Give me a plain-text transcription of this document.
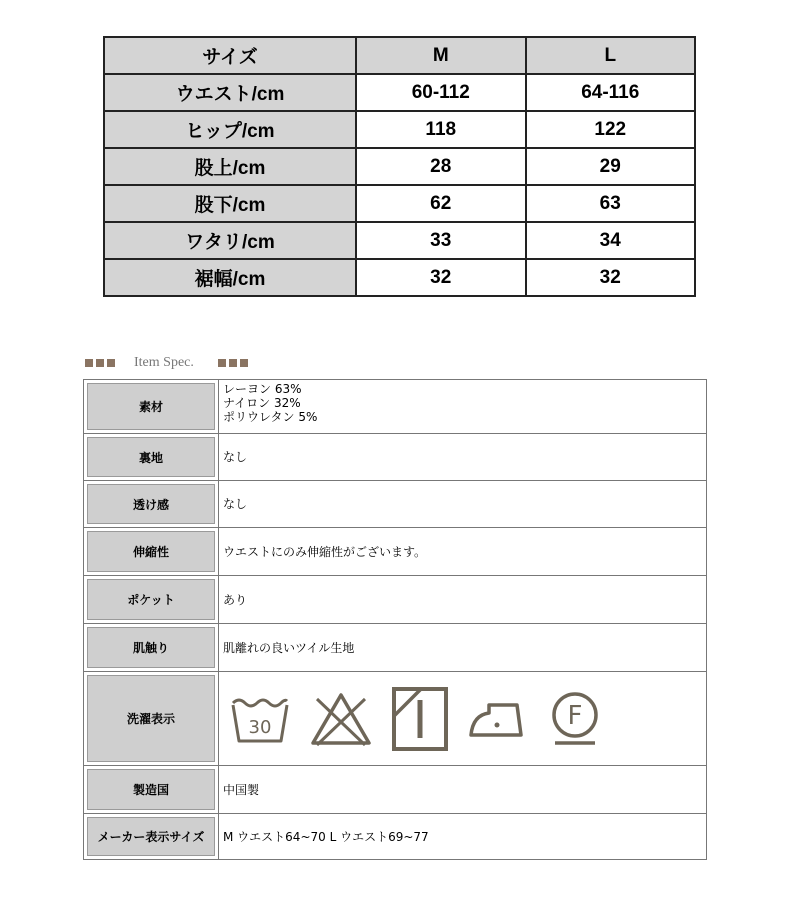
サイズ	M	L
ウエスト/cm	60-112	64-116
ヒップ/cm	118	122
股上/cm	28	29
股下/cm	62	63
ワタリ/cm	33	34
裾幅/cm	32	32
Item Spec.
素材	レーヨン 63%
ナイロン 32%
ポリウレタン 5%

裏地	なし
透け感	なし
伸縮性	ウエストにのみ伸縮性がございます。
ポケット	あり
肌触り	肌離れの良いツイル生地
洗濯表示	30 F

製造国	中国製
メーカー表示サイズ	M ウエスト64~70 L ウエスト69~77
